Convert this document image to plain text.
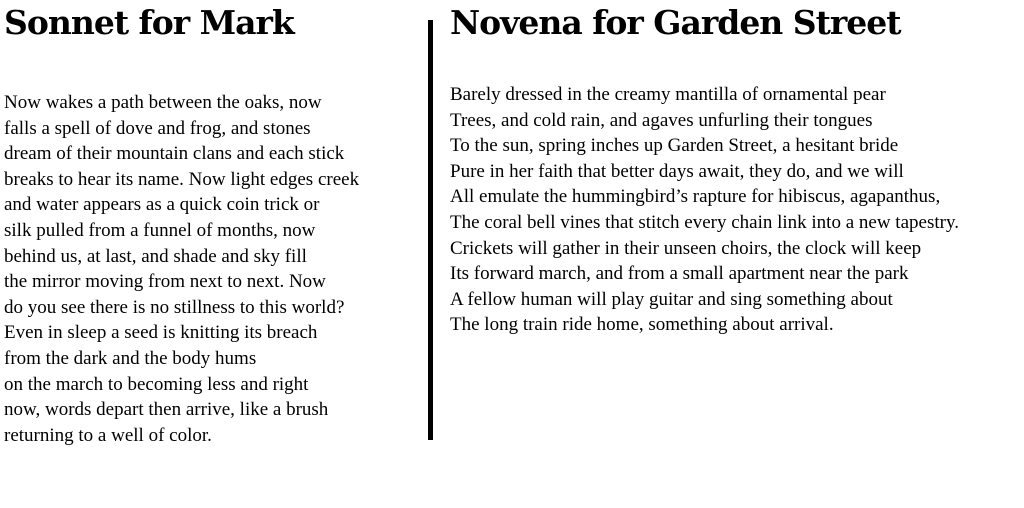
Sonnet for Mark
Now wakes a path between the oaks, now
falls a spell of dove and frog, and stones
dream of their mountain clans and each stick
breaks to hear its name. Now light edges creek
and water appears as a quick coin trick or
silk pulled from a funnel of months, now
behind us, at last, and shade and sky fill
the mirror moving from next to next. Now
do you see there is no stillness to this world?
Even in sleep a seed is knitting its breach
from the dark and the body hums
on the march to becoming less and right
now, words depart then arrive, like a brush
returning to a well of color.
Novena for Garden Street
Barely dressed in the creamy mantilla of ornamental pear
Trees, and cold rain, and agaves unfurling their tongues
To the sun, spring inches up Garden Street, a hesitant bride
Pure in her faith that better days await, they do, and we will
All emulate the hummingbird’s rapture for hibiscus, agapanthus,
The coral bell vines that stitch every chain link into a new tapestry.
Crickets will gather in their unseen choirs, the clock will keep
Its forward march, and from a small apartment near the park
A fellow human will play guitar and sing something about
The long train ride home, something about arrival.
